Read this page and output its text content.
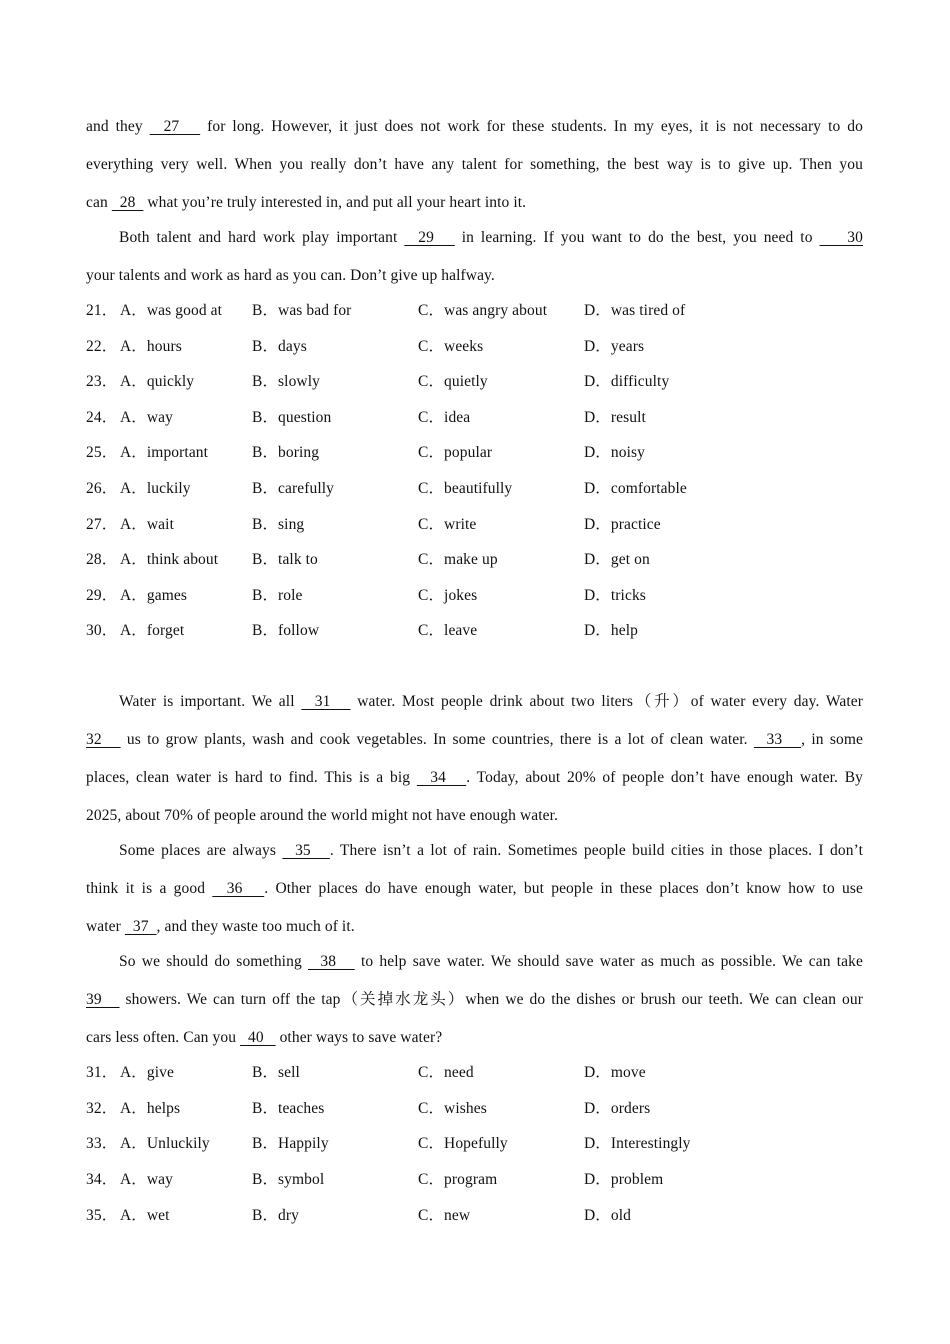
and they   27    for long. However, it just does not work for these students. In my eyes, it is not necessary to do
everything very well. When you really don’t have any talent for something, the best way is to give up. Then you
can   28   what you’re truly interested in, and put all your heart into it.
Both talent and hard work play important   29    in learning. If you want to do the best, you need to     30
your talents and work as hard as you can. Don’t give up halfway.
21． A．was good at B．was bad for	C．was angry about D．was tired of
22． A．hours	B．days	C．weeks	D．years
23． A．quickly	B．slowly	C．quietly	D．difficulty
24． A．way	B．question	C．idea	D．result
25． A．important	B．boring	C．popular	D．noisy
26． A．luckily	B．carefully	C．beautifully	D．comfortable
27． A．wait	B．sing	C．write	D．practice
28． A．think about B．talk to	C．make up	D．get on
29． A．games	B．role	C．jokes	D．tricks
30． A．forget	B．follow	C．leave	D．help
Water is important. We all   31    water. Most people drink about two liters（升）of water every day. Water
32    us to grow plants, wash and cook vegetables. In some countries, there is a lot of clean water.   33   , in some
places, clean water is hard to find. This is a big   34   . Today, about 20% of people don’t have enough water. By
2025, about 70% of people around the world might not have enough water.
Some places are always   35   . There isn’t a lot of rain. Sometimes people build cities in those places. I don’t
think it is a good   36   . Other places do have enough water, but people in these places don’t know how to use
water   37  , and they waste too much of it.
So we should do something   38    to help save water. We should save water as much as possible. We can take
39    showers. We can turn off the tap（关掉水龙头）when we do the dishes or brush our teeth. We can clean our
cars less often. Can you   40    other ways to save water?
31． A．give	B．sell	C．need	D．move
32． A．helps	B．teaches	C．wishes	D．orders
33． A．Unluckily	B．Happily	C．Hopefully	D．Interestingly
34． A．way	B．symbol	C．program	D．problem
35． A．wet	B．dry	C．new	D．old
